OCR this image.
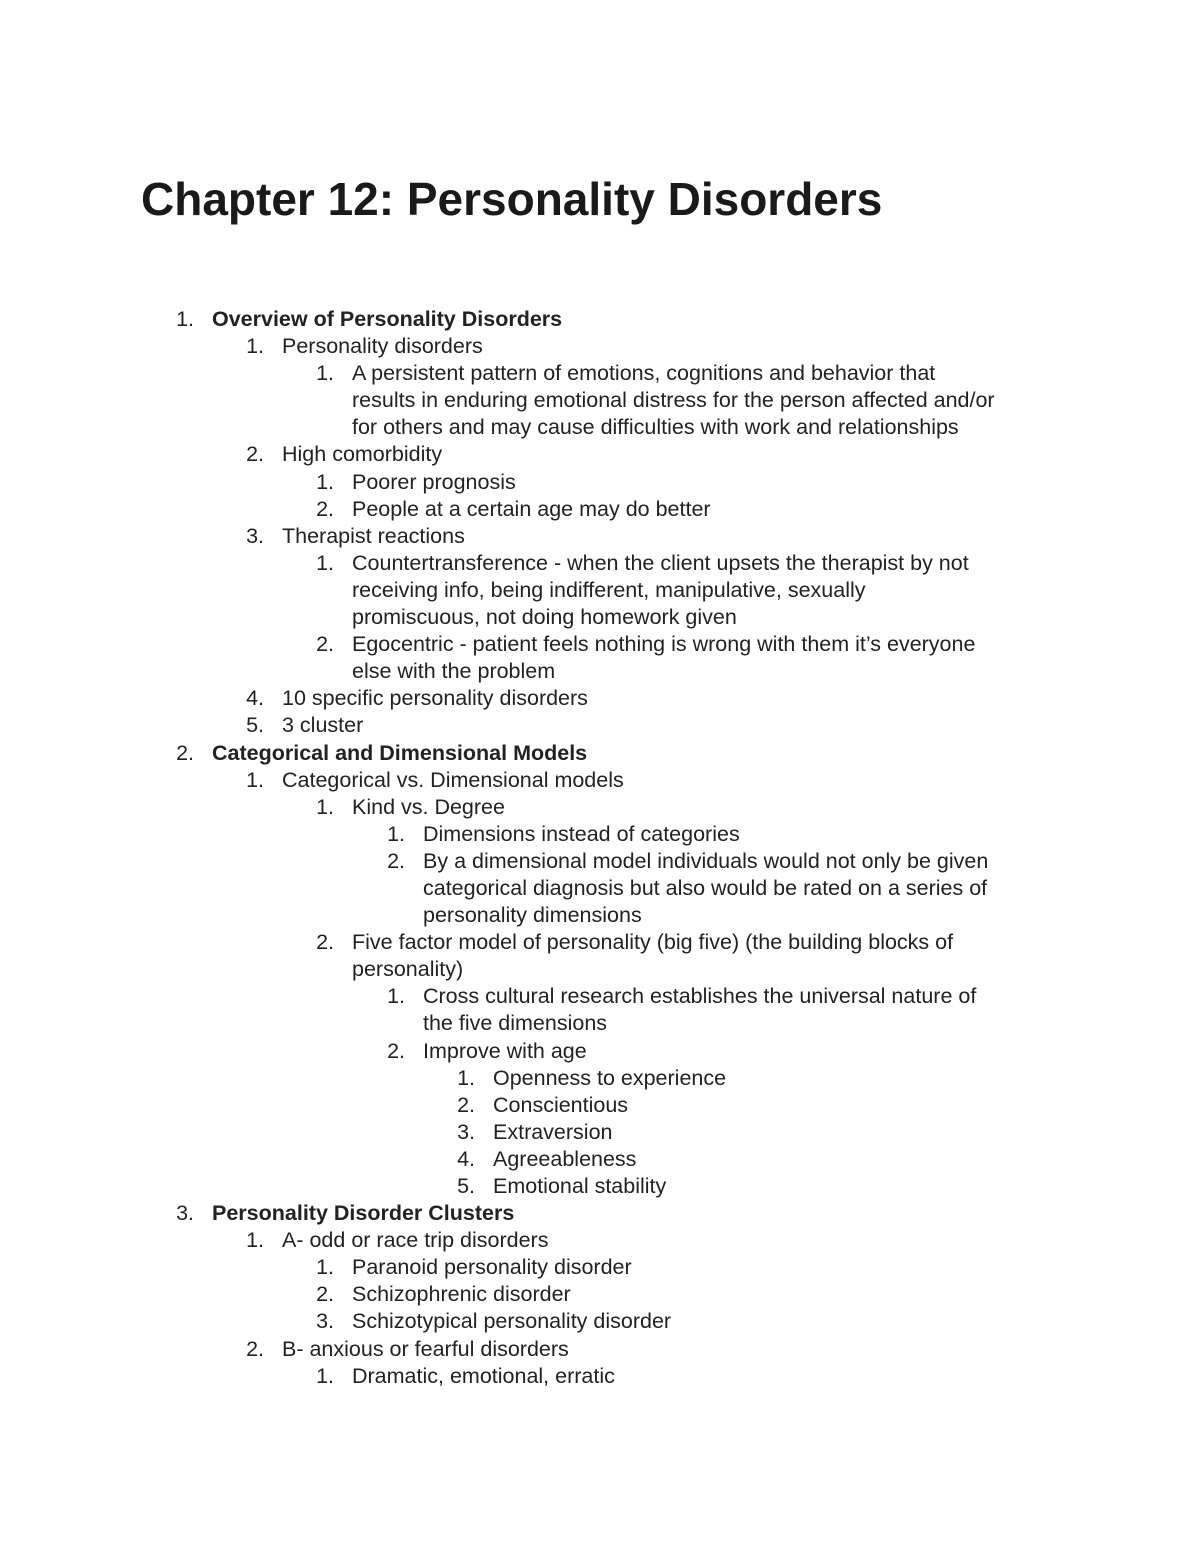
Chapter 12: Personality Disorders
1. Overview of Personality Disorders
1. Personality disorders
1. A persistent pattern of emotions, cognitions and behavior that
results in enduring emotional distress for the person affected and/or
for others and may cause difficulties with work and relationships
2. High comorbidity
1. Poorer prognosis
2. People at a certain age may do better
3. Therapist reactions
1. Countertransference - when the client upsets the therapist by not
receiving info, being indifferent, manipulative, sexually
promiscuous, not doing homework given
2. Egocentric - patient feels nothing is wrong with them it’s everyone
else with the problem
4. 10 specific personality disorders
5. 3 cluster
2. Categorical and Dimensional Models
1. Categorical vs. Dimensional models
1. Kind vs. Degree
1. Dimensions instead of categories
2. By a dimensional model individuals would not only be given
categorical diagnosis but also would be rated on a series of
personality dimensions
2. Five factor model of personality (big five) (the building blocks of
personality)
1. Cross cultural research establishes the universal nature of
the five dimensions
2. Improve with age
1. Openness to experience
2. Conscientious
3. Extraversion
4. Agreeableness
5. Emotional stability
3. Personality Disorder Clusters
1. A- odd or race trip disorders
1. Paranoid personality disorder
2. Schizophrenic disorder
3. Schizotypical personality disorder
2. B- anxious or fearful disorders
1. Dramatic, emotional, erratic
